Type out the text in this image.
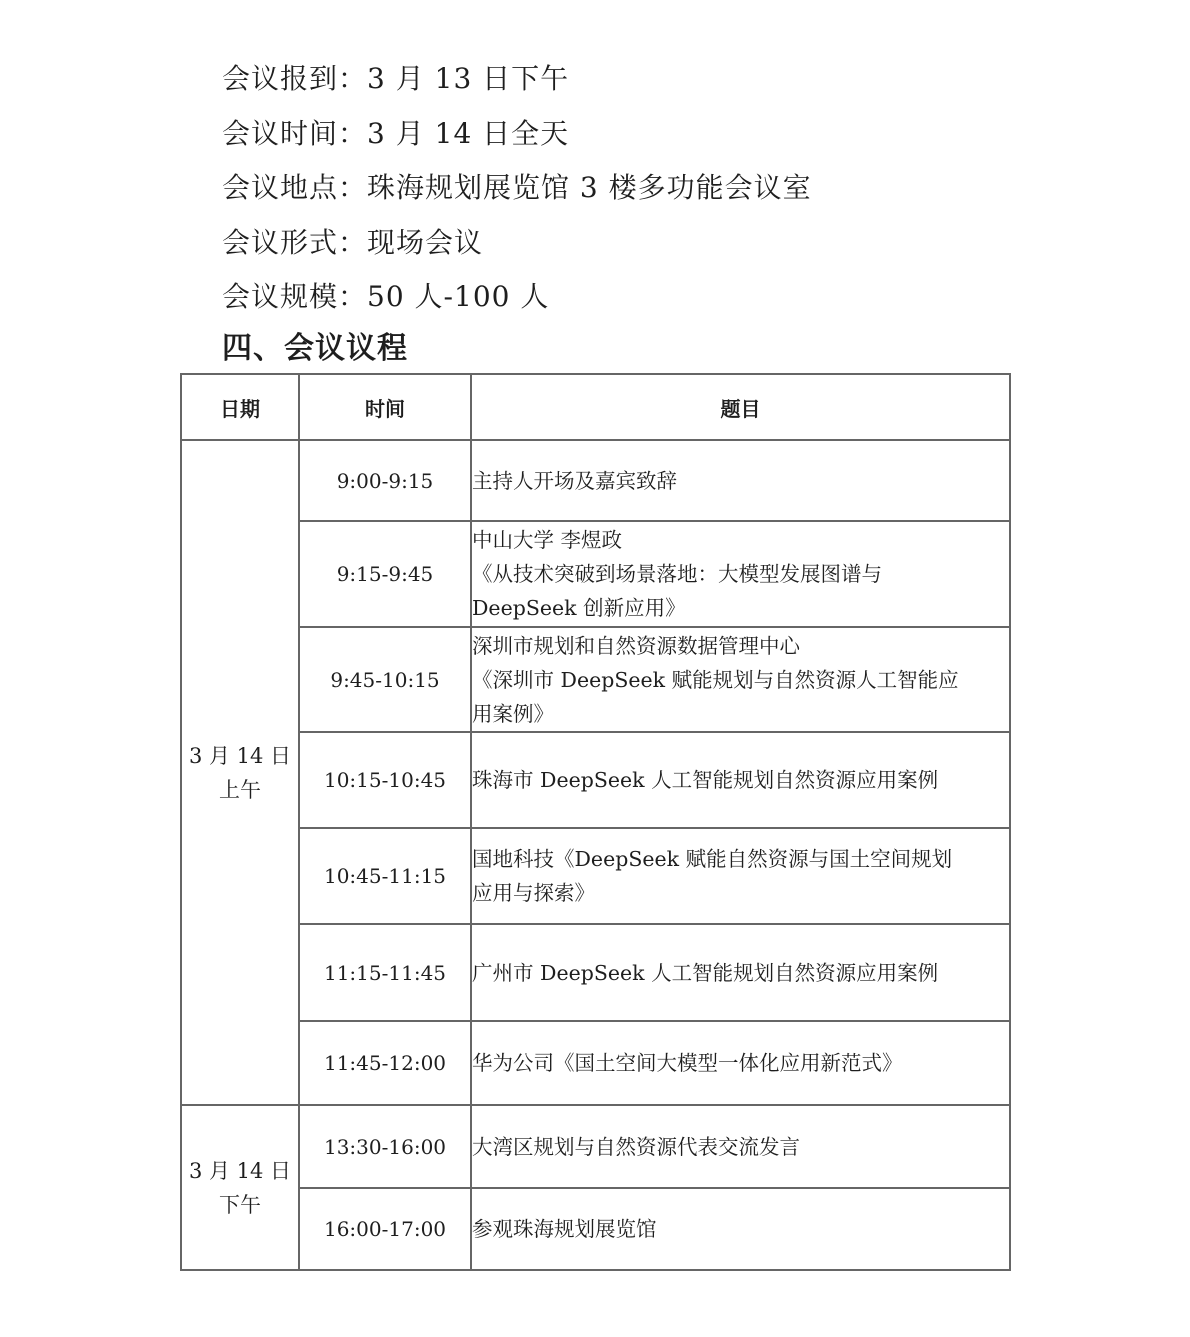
会议报到：3 月 13 日下午
会议时间：3 月 14 日全天
会议地点：珠海规划展览馆 3 楼多功能会议室
会议形式：现场会议
会议规模：50 人-100 人
四、会议议程
日期	时间	题目

3 月 14 日
上午	9:00-9:15	主持人开场及嘉宾致辞

	9:15-9:45	中山大学 李煜政
《从技术突破到场景落地：大模型发展图谱与
DeepSeek 创新应用》

	9:45-10:15	深圳市规划和自然资源数据管理中心
《深圳市 DeepSeek 赋能规划与自然资源人工智能应
用案例》

	10:15-10:45	珠海市 DeepSeek 人工智能规划自然资源应用案例

	10:45-11:15	国地科技《DeepSeek 赋能自然资源与国土空间规划
应用与探索》

	11:15-11:45	广州市 DeepSeek 人工智能规划自然资源应用案例

	11:45-12:00	华为公司《国土空间大模型一体化应用新范式》

3 月 14 日
下午	13:30-16:00	大湾区规划与自然资源代表交流发言

	16:00-17:00	参观珠海规划展览馆
